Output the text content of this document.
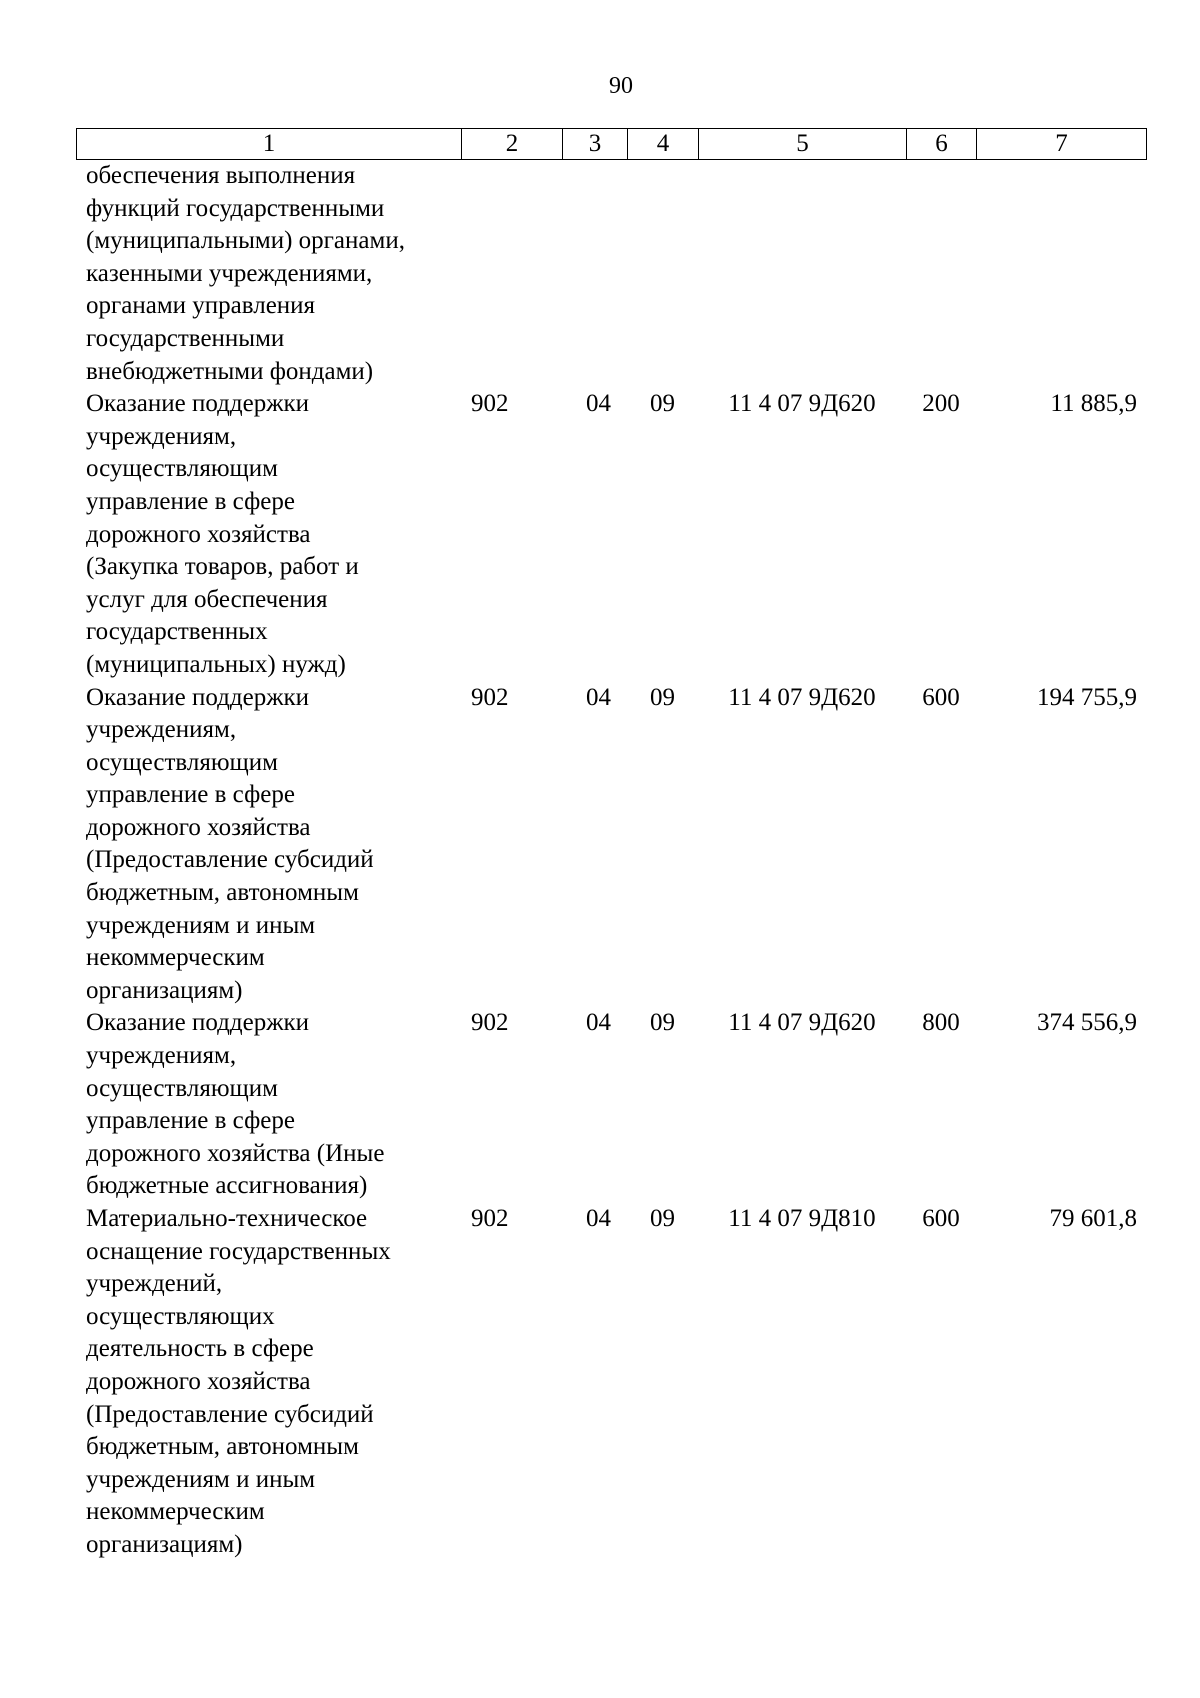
90
1	2	3	4	5	6	7
обеспечения выполнения
функций государственными
(муниципальными) органами,
казенными учреждениями,
органами управления
государственными
внебюджетными фондами)
Оказание поддержки
учреждениям,
осуществляющим
управление в сфере
дорожного хозяйства
(Закупка товаров, работ и
услуг для обеспечения
государственных
(муниципальных) нужд)
902	04	09	11 4 07 9Д620	200	11 885,9
Оказание поддержки
учреждениям,
осуществляющим
управление в сфере
дорожного хозяйства
(Предоставление субсидий
бюджетным, автономным
учреждениям и иным
некоммерческим
организациям)
902	04	09	11 4 07 9Д620	600	194 755,9
Оказание поддержки
учреждениям,
осуществляющим
управление в сфере
дорожного хозяйства (Иные
бюджетные ассигнования)
902	04	09	11 4 07 9Д620	800	374 556,9
Материально-техническое
оснащение государственных
учреждений,
осуществляющих
деятельность в сфере
дорожного хозяйства
(Предоставление субсидий
бюджетным, автономным
учреждениям и иным
некоммерческим
организациям)
902	04	09	11 4 07 9Д810	600	79 601,8
